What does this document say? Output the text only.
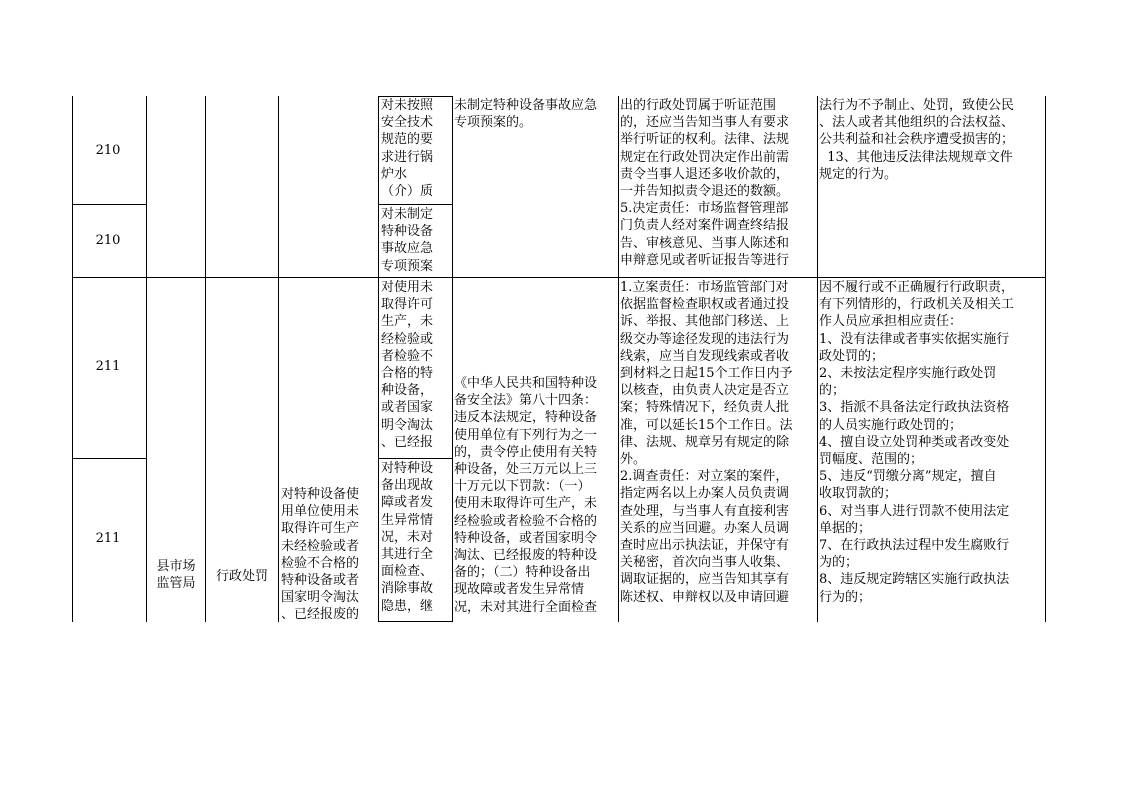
210
210
211
211
对未按照
安全技术
规范的要
求进行锅
炉水
（介）质
未制定特种设备事故应急
专项预案的。
出的行政处罚属于听证范围
的，还应当告知当事人有要求
举行听证的权利。法律、法规
规定在行政处罚决定作出前需
责令当事人退还多收价款的，
一并告知拟责令退还的数额。
5.决定责任：市场监督管理部
门负责人经对案件调查终结报
告、审核意见、当事人陈述和
申辩意见或者听证报告等进行
法行为不予制止、处罚，致使公民
、法人或者其他组织的合法权益、
公共利益和社会秩序遭受损害的；
13、其他违反法律法规规章文件
规定的行为。
对未制定
特种设备
事故应急
专项预案
对使用未
取得许可
生产，未
经检验或
者检验不
合格的特
种设备，
或者国家
明令淘汰
、已经报
《中华人民共和国特种设
备安全法》第八十四条：
违反本法规定，特种设备
使用单位有下列行为之一
的，责令停止使用有关特
种设备，处三万元以上三
十万元以下罚款：（一）
使用未取得许可生产，未
经检验或者检验不合格的
特种设备，或者国家明令
淘汰、已经报废的特种设
备的；（二）特种设备出
现故障或者发生异常情
况，未对其进行全面检查
1.立案责任：市场监管部门对
依据监督检查职权或者通过投
诉、举报、其他部门移送、上
级交办等途径发现的违法行为
线索，应当自发现线索或者收
到材料之日起15个工作日内予
以核查，由负责人决定是否立
案；特殊情况下，经负责人批
准，可以延长15个工作日。法
律、法规、规章另有规定的除
外。
2.调查责任：对立案的案件，
指定两名以上办案人员负责调
查处理，与当事人有直接利害
关系的应当回避。办案人员调
查时应出示执法证，并保守有
关秘密，首次向当事人收集、
调取证据的，应当告知其享有
陈述权、申辩权以及申请回避
因不履行或不正确履行行政职责，
有下列情形的，行政机关及相关工
作人员应承担相应责任：
1、没有法律或者事实依据实施行
政处罚的；
2、未按法定程序实施行政处罚
的；
3、指派不具备法定行政执法资格
的人员实施行政处罚的；
4、擅自设立处罚种类或者改变处
罚幅度、范围的；
5、违反“罚缴分离”规定，擅自
收取罚款的；
6、对当事人进行罚款不使用法定
单据的；
7、在行政执法过程中发生腐败行
为的；
8、违反规定跨辖区实施行政执法
行为的；
县市场
监管局	行政处罚
对特种设备使
用单位使用未
取得许可生产
未经检验或者
检验不合格的
特种设备或者
国家明令淘汰
、已经报废的
对特种设
备出现故
障或者发
生异常情
况，未对
其进行全
面检查、
消除事故
隐患，继
